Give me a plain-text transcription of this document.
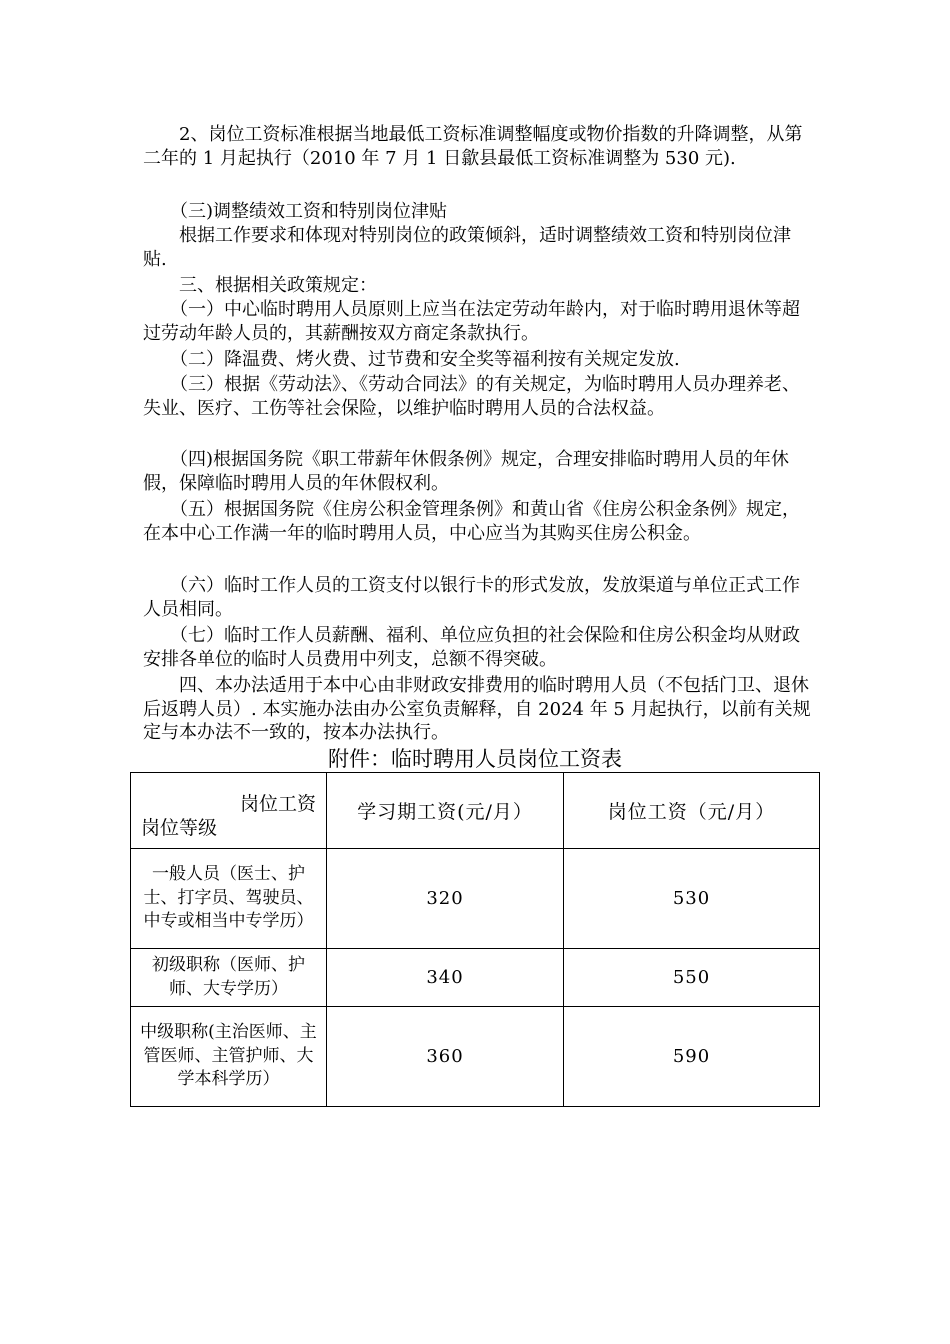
　　2、岗位工资标准根据当地最低工资标准调整幅度或物价指数的升降调整，从第二年的 1 月起执行（2010 年 7 月 1 日歙县最低工资标准调整为 530 元).

　　（三)调整绩效工资和特别岗位津贴

　　根据工作要求和体现对特别岗位的政策倾斜，适时调整绩效工资和特别岗位津贴.

　　三、根据相关政策规定：

　　（一）中心临时聘用人员原则上应当在法定劳动年龄内，对于临时聘用退休等超过劳动年龄人员的，其薪酬按双方商定条款执行。

　　（二）降温费、烤火费、过节费和安全奖等福利按有关规定发放.

　　（三）根据《劳动法》、《劳动合同法》的有关规定，为临时聘用人员办理养老、失业、医疗、工伤等社会保险，以维护临时聘用人员的合法权益。

　　（四)根据国务院《职工带薪年休假条例》规定，合理安排临时聘用人员的年休假，保障临时聘用人员的年休假权利。

　　（五）根据国务院《住房公积金管理条例》和黄山省《住房公积金条例》规定，在本中心工作满一年的临时聘用人员，中心应当为其购买住房公积金。

　　（六）临时工作人员的工资支付以银行卡的形式发放，发放渠道与单位正式工作人员相同。

　　（七）临时工作人员薪酬、福利、单位应负担的社会保险和住房公积金均从财政安排各单位的临时人员费用中列支，总额不得突破。

　　四、本办法适用于本中心由非财政安排费用的临时聘用人员（不包括门卫、退休后返聘人员）. 本实施办法由办公室负责解释，自 2024 年 5 月起执行，以前有关规定与本办法不一致的，按本办法执行。

附件：临时聘用人员岗位工资表

岗位工资
岗位等级	学习期工资(元/月）	岗位工资（元/月）
一般人员（医士、护士、打字员、驾驶员、中专或相当中专学历）	320	530
初级职称（医师、护师、大专学历）	340	550
中级职称(主治医师、主管医师、主管护师、大学本科学历）	360	590
